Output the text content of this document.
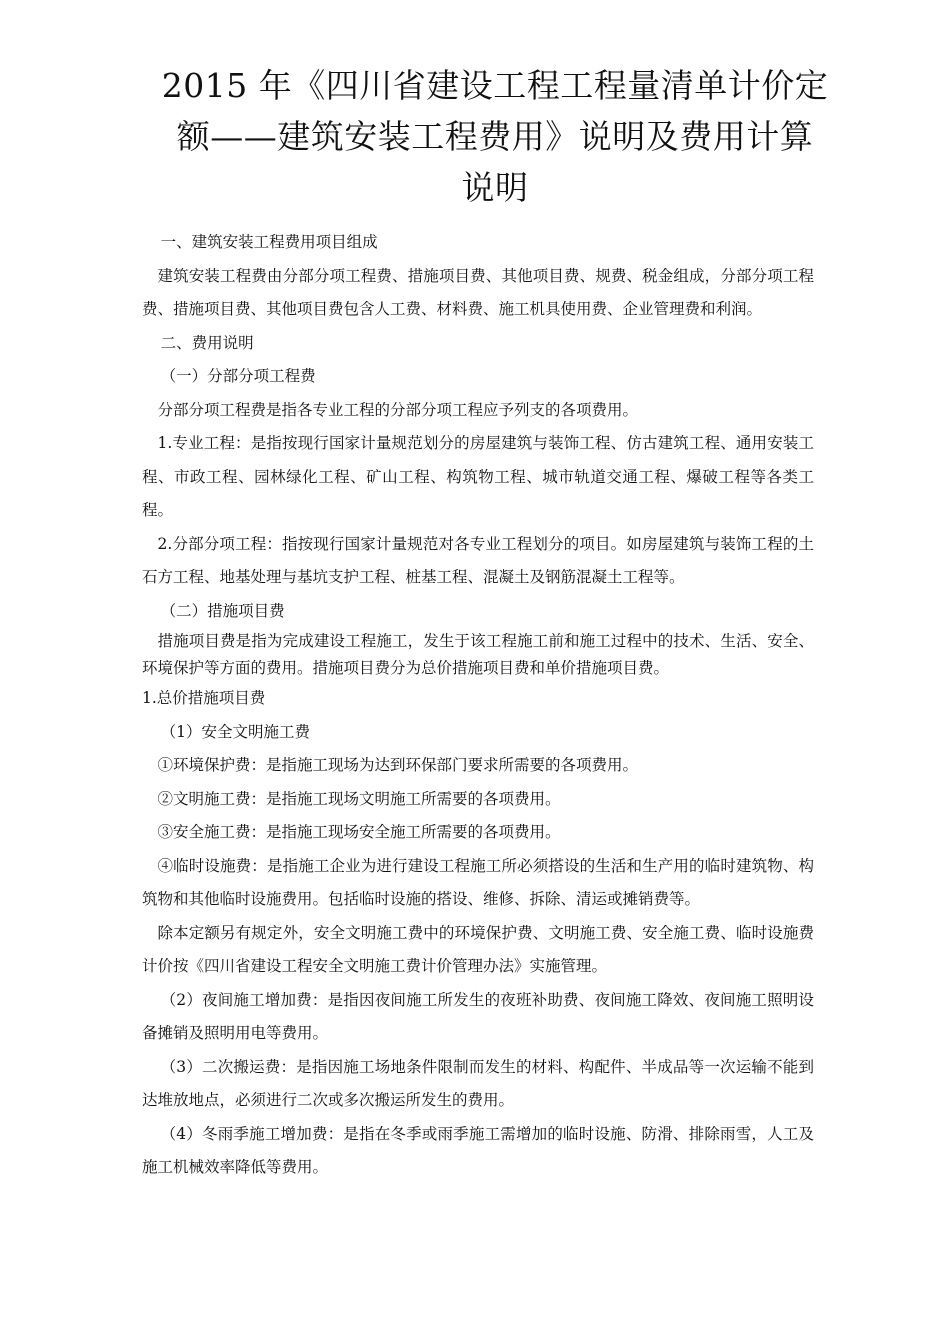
2015 年《四川省建设工程工程量清单计价定
额——建筑安装工程费用》说明及费用计算
说明

一、建筑安装工程费用项目组成

建筑安装工程费由分部分项工程费、措施项目费、其他项目费、规费、税金组成，分部分项工程费、措施项目费、其他项目费包含人工费、材料费、施工机具使用费、企业管理费和利润。

二、费用说明

（一）分部分项工程费

分部分项工程费是指各专业工程的分部分项工程应予列支的各项费用。

1.专业工程：是指按现行国家计量规范划分的房屋建筑与装饰工程、仿古建筑工程、通用安装工程、市政工程、园林绿化工程、矿山工程、构筑物工程、城市轨道交通工程、爆破工程等各类工程。

2.分部分项工程：指按现行国家计量规范对各专业工程划分的项目。如房屋建筑与装饰工程的土石方工程、地基处理与基坑支护工程、桩基工程、混凝土及钢筋混凝土工程等。

（二）措施项目费

措施项目费是指为完成建设工程施工，发生于该工程施工前和施工过程中的技术、生活、安全、环境保护等方面的费用。措施项目费分为总价措施项目费和单价措施项目费。

1.总价措施项目费

（1）安全文明施工费

①环境保护费：是指施工现场为达到环保部门要求所需要的各项费用。

②文明施工费：是指施工现场文明施工所需要的各项费用。

③安全施工费：是指施工现场安全施工所需要的各项费用。

④临时设施费：是指施工企业为进行建设工程施工所必须搭设的生活和生产用的临时建筑物、构筑物和其他临时设施费用。包括临时设施的搭设、维修、拆除、清运或摊销费等。

除本定额另有规定外，安全文明施工费中的环境保护费、文明施工费、安全施工费、临时设施费计价按《四川省建设工程安全文明施工费计价管理办法》实施管理。

（2）夜间施工增加费：是指因夜间施工所发生的夜班补助费、夜间施工降效、夜间施工照明设备摊销及照明用电等费用。

（3）二次搬运费：是指因施工场地条件限制而发生的材料、构配件、半成品等一次运输不能到达堆放地点，必须进行二次或多次搬运所发生的费用。

（4）冬雨季施工增加费：是指在冬季或雨季施工需增加的临时设施、防滑、排除雨雪，人工及施工机械效率降低等费用。
